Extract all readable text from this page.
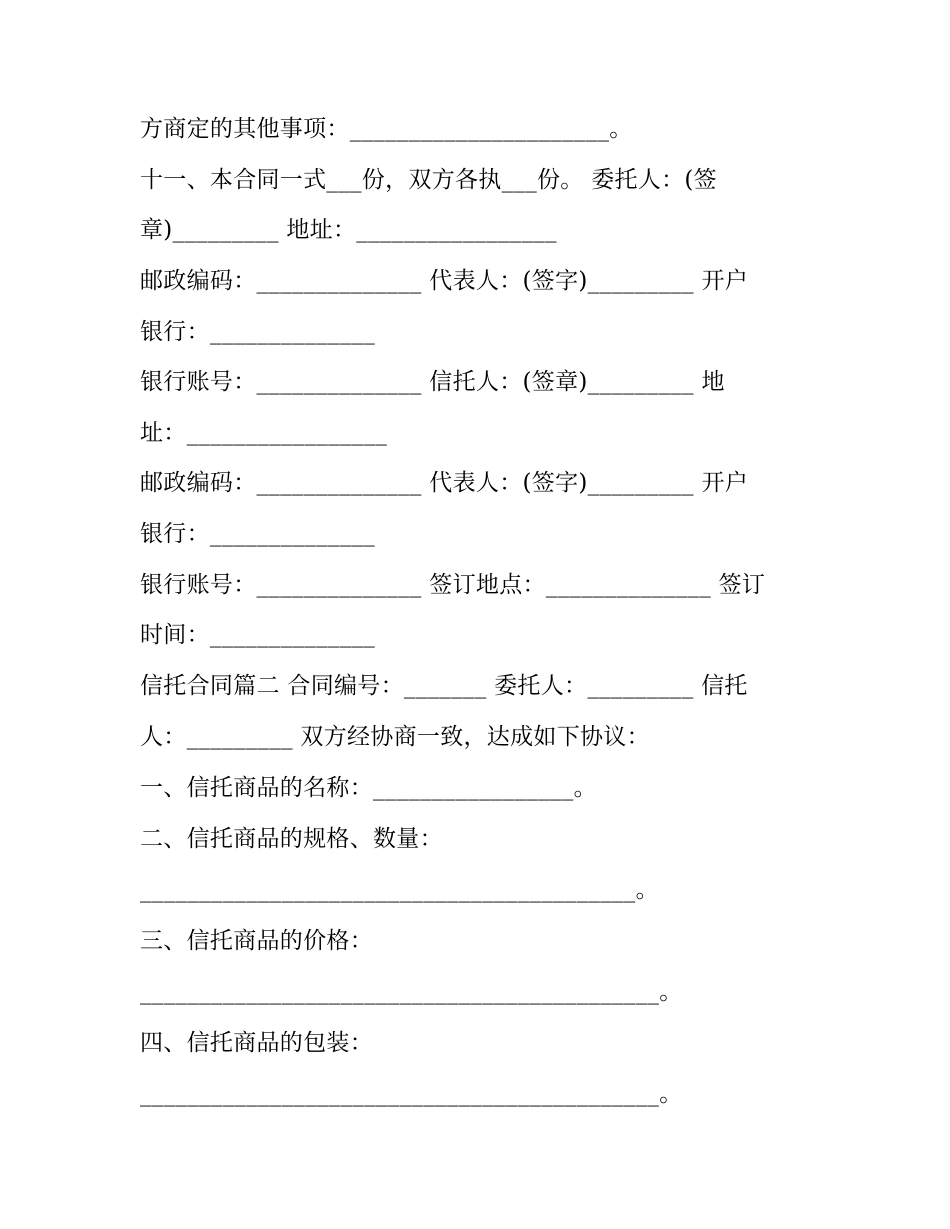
方商定的其他事项：______________________。
十一、本合同一式___份，双方各执___份。 委托人：(签
章)_________ 地址：_________________
邮政编码：______________ 代表人：(签字)_________ 开户
银行：______________
银行账号：______________ 信托人：(签章)_________ 地
址：_________________
邮政编码：______________ 代表人：(签字)_________ 开户
银行：______________
银行账号：______________ 签订地点：______________ 签订
时间：______________
信托合同篇二 合同编号：_______ 委托人：_________ 信托
人：_________ 双方经协商一致，达成如下协议：
一、信托商品的名称：_________________。
二、信托商品的规格、数量：
__________________________________________。
三、信托商品的价格：
____________________________________________。
四、信托商品的包装：
____________________________________________。
